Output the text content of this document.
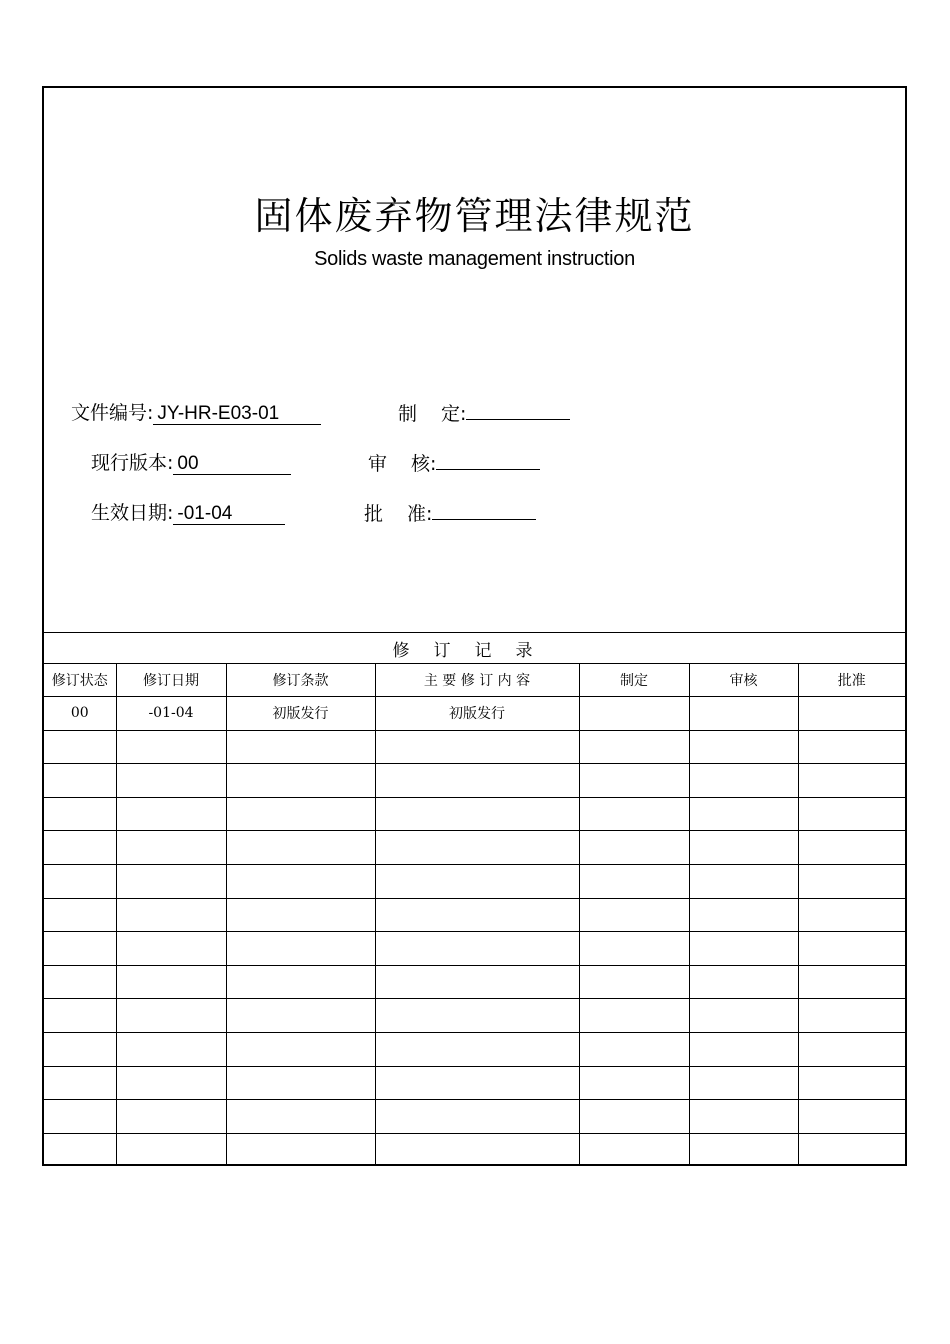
固体废弃物管理法律规范
Solids waste management instruction
文件编号:JY-HR-E03-01	制 定:
现行版本:00	审 核:
生效日期:-01-04	批 准:
修订记录						
修订状态	修订日期	修订条款	主 要 修 订 内 容	制定	审核	批准
00	-01-04	初版发行	初版发行			
